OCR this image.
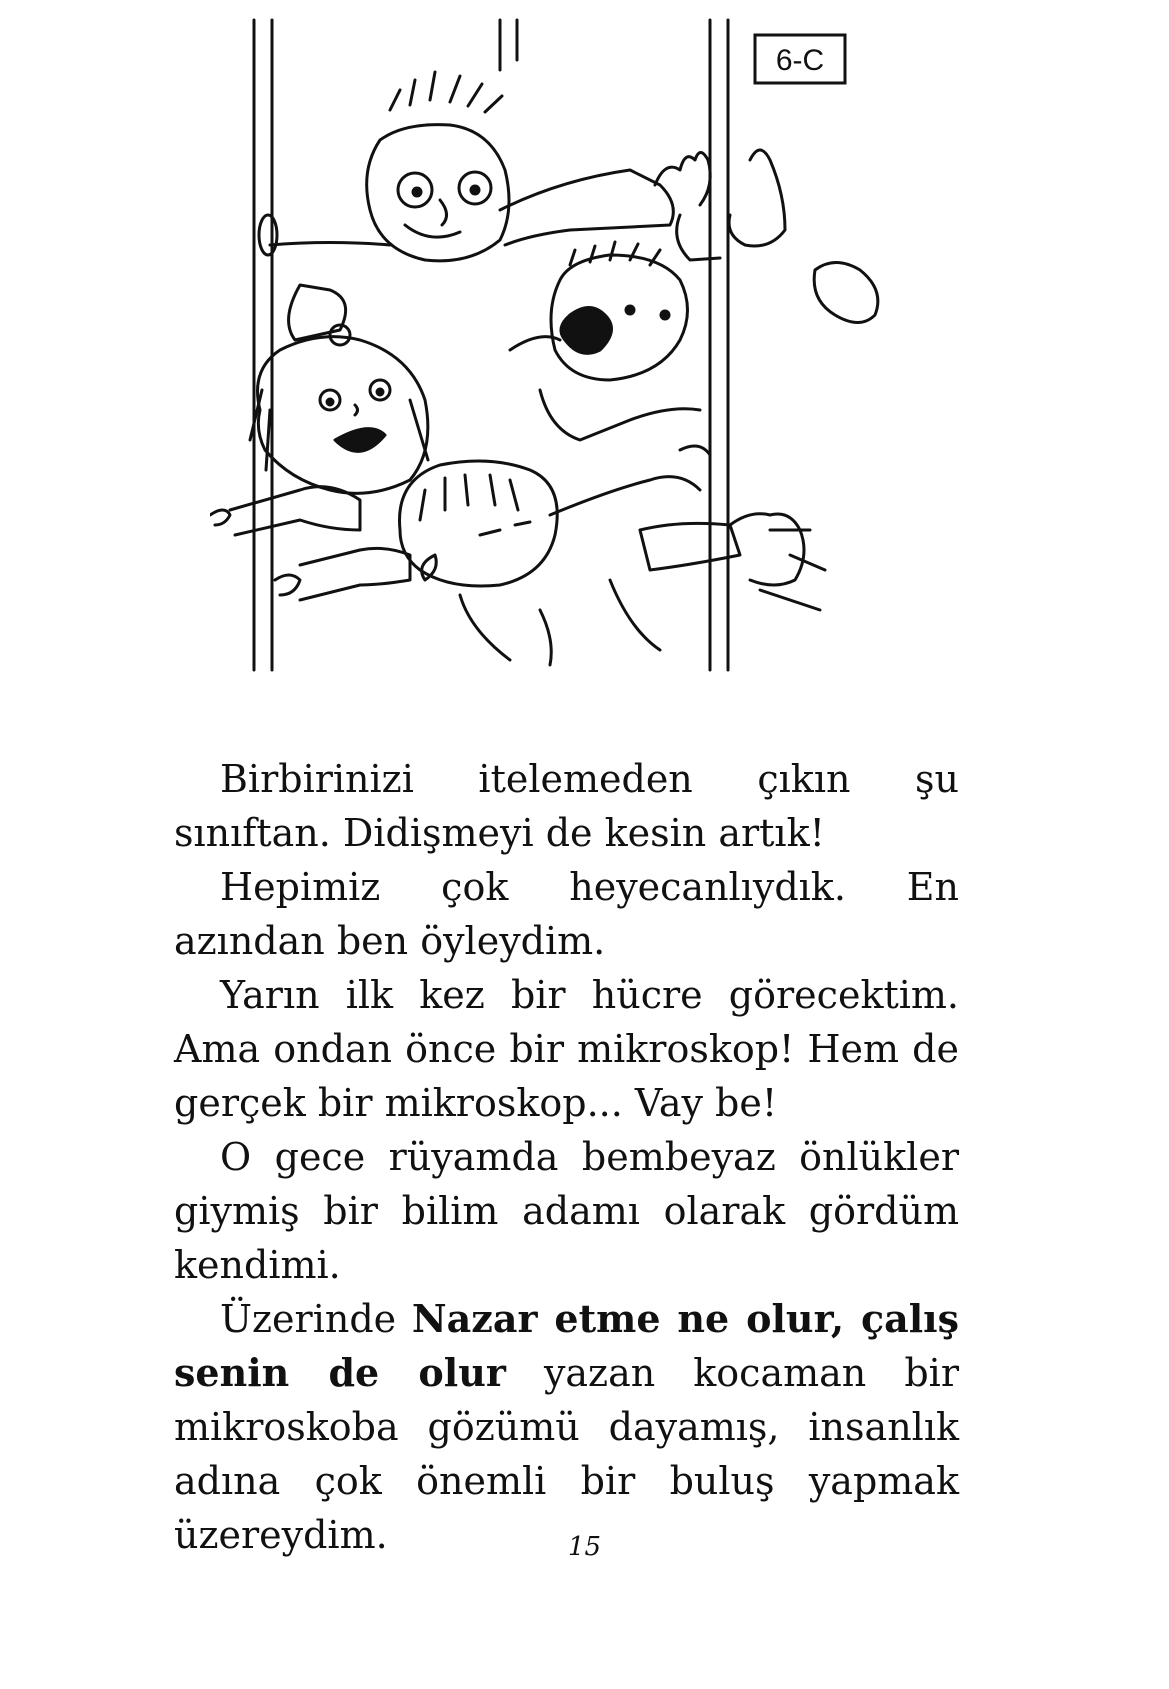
6-C

Birbirinizi itelemeden çıkın şu sınıftan. Didişmeyi de kesin artık!

Hepimiz çok heyecanlıydık. En azından ben öyleydim.

Yarın ilk kez bir hücre görecektim. Ama ondan önce bir mikroskop! Hem de gerçek bir mikroskop... Vay be!

O gece rüyamda bembeyaz önlükler giymiş bir bilim adamı olarak gördüm kendimi.

Üzerinde Nazar etme ne olur, çalış senin de olur yazan kocaman bir mikroskoba gözümü dayamış, insanlık adına çok önemli bir buluş yapmak üzereydim.	15
